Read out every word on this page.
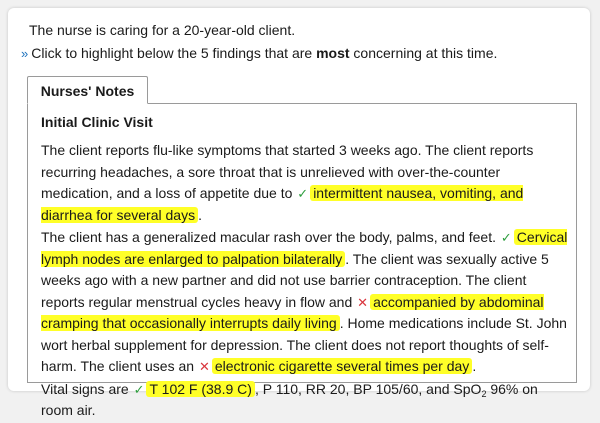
The nurse is caring for a 20-year-old client.
» Click to highlight below the 5 findings that are most concerning at this time.
Nurses' Notes
Initial Clinic Visit

The client reports flu-like symptoms that started 3 weeks ago. The client reports recurring headaches, a sore throat that is unrelieved with over-the-counter medication, and a loss of appetite due to ✓ intermittent nausea, vomiting, and diarrhea for several days .

The client has a generalized macular rash over the body, palms, and feet. ✓ Cervical lymph nodes are enlarged to palpation bilaterally . The client was sexually active 5 weeks ago with a new partner and did not use barrier contraception. The client reports regular menstrual cycles heavy in flow and ✕ accompanied by abdominal cramping that occasionally interrupts daily living . Home medications include St. John wort herbal supplement for depression. The client does not report thoughts of self-harm. The client uses an ✕ electronic cigarette several times per day .

Vital signs are ✓ T 102 F (38.9 C) , P 110, RR 20, BP 105/60, and SpO$_2$ 96% on room air.
